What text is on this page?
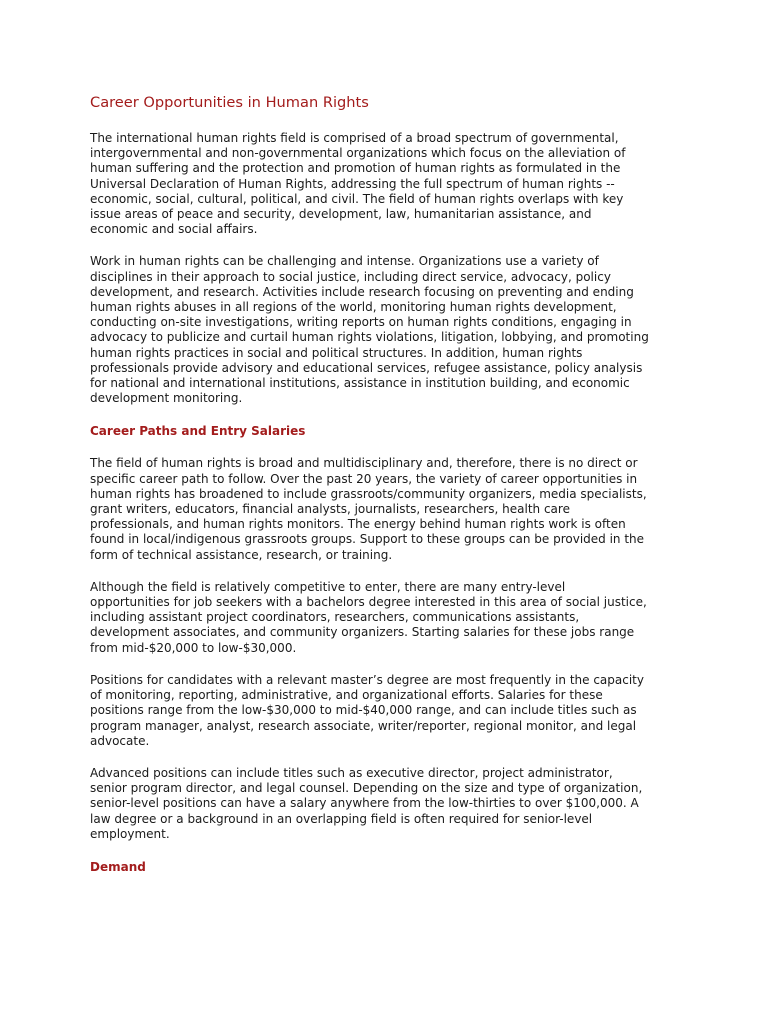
Career Opportunities in Human Rights

The international human rights field is comprised of a broad spectrum of governmental,
intergovernmental and non-governmental organizations which focus on the alleviation of
human suffering and the protection and promotion of human rights as formulated in the
Universal Declaration of Human Rights, addressing the full spectrum of human rights --
economic, social, cultural, political, and civil. The field of human rights overlaps with key
issue areas of peace and security, development, law, humanitarian assistance, and
economic and social affairs.

Work in human rights can be challenging and intense. Organizations use a variety of
disciplines in their approach to social justice, including direct service, advocacy, policy
development, and research. Activities include research focusing on preventing and ending
human rights abuses in all regions of the world, monitoring human rights development,
conducting on-site investigations, writing reports on human rights conditions, engaging in
advocacy to publicize and curtail human rights violations, litigation, lobbying, and promoting
human rights practices in social and political structures. In addition, human rights
professionals provide advisory and educational services, refugee assistance, policy analysis
for national and international institutions, assistance in institution building, and economic
development monitoring.

Career Paths and Entry Salaries

The field of human rights is broad and multidisciplinary and, therefore, there is no direct or
specific career path to follow. Over the past 20 years, the variety of career opportunities in
human rights has broadened to include grassroots/community organizers, media specialists,
grant writers, educators, financial analysts, journalists, researchers, health care
professionals, and human rights monitors. The energy behind human rights work is often
found in local/indigenous grassroots groups. Support to these groups can be provided in the
form of technical assistance, research, or training.

Although the field is relatively competitive to enter, there are many entry-level
opportunities for job seekers with a bachelors degree interested in this area of social justice,
including assistant project coordinators, researchers, communications assistants,
development associates, and community organizers. Starting salaries for these jobs range
from mid-$20,000 to low-$30,000.

Positions for candidates with a relevant master’s degree are most frequently in the capacity
of monitoring, reporting, administrative, and organizational efforts. Salaries for these
positions range from the low-$30,000 to mid-$40,000 range, and can include titles such as
program manager, analyst, research associate, writer/reporter, regional monitor, and legal
advocate.

Advanced positions can include titles such as executive director, project administrator,
senior program director, and legal counsel. Depending on the size and type of organization,
senior-level positions can have a salary anywhere from the low-thirties to over $100,000. A
law degree or a background in an overlapping field is often required for senior-level
employment.

Demand
